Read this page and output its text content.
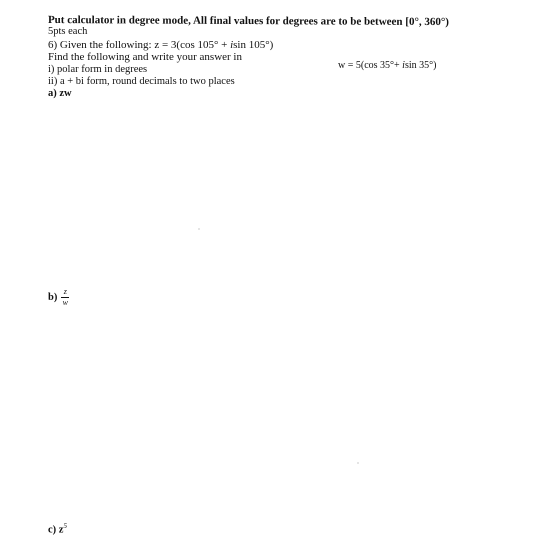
Put calculator in degree mode, All final values for degrees are to be between [0°, 360°)
5pts each
6) Given the following: z = 3(cos 105° + isin 105°)
w = 5(cos 35°+ isin 35°)
Find the following and write your answer in
i) polar form in degrees
ii) a + bi form, round decimals to two places
a) zw
$b) \frac{z}{w}$
c) $z^5$
